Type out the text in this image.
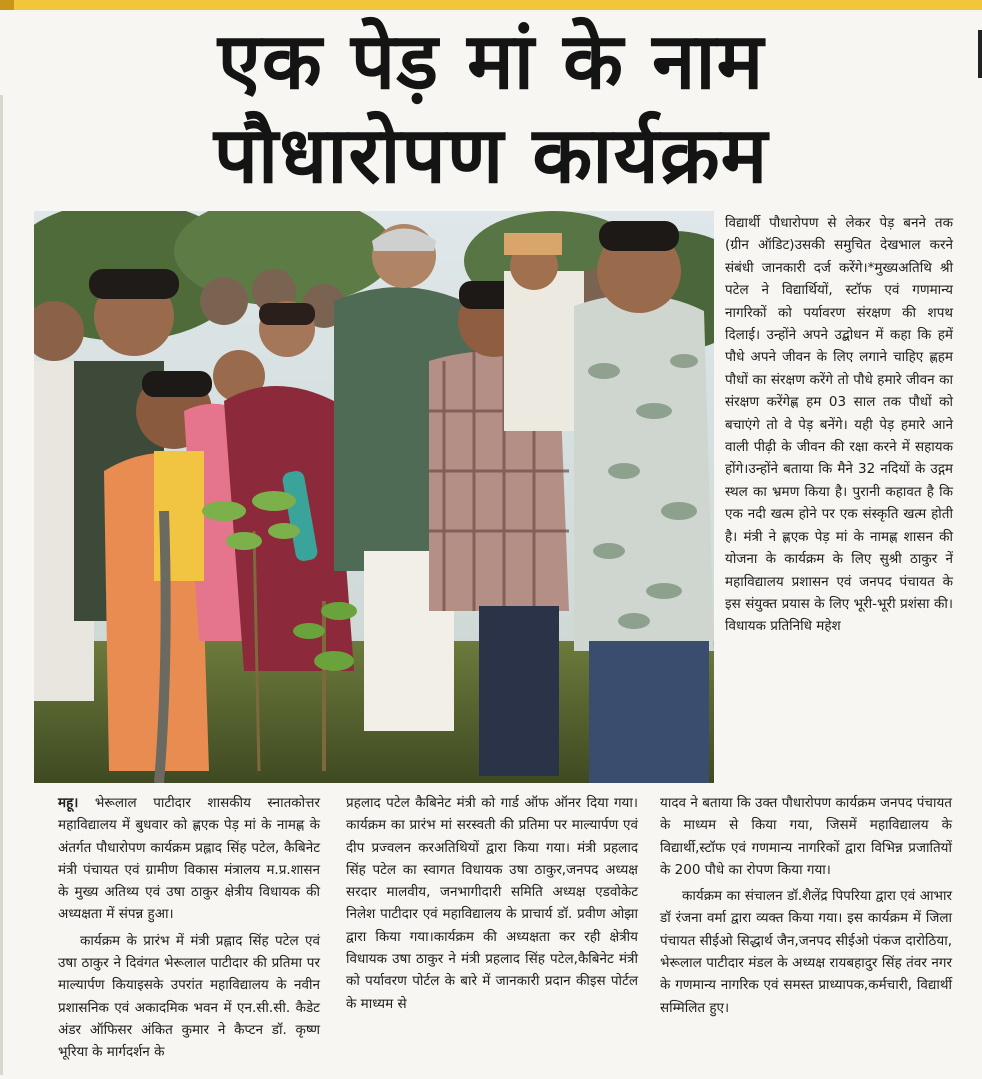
एक पेड़ मां के नाम
पौधारोपण कार्यक्रम

विद्यार्थी पौधारोपण से लेकर पेड़ बनने तक (ग्रीन ऑडिट)उसकी समुचित देखभाल करने संबंधी जानकारी दर्ज करेंगे।*मुख्यअतिथि श्री पटेल ने विद्यार्थियों, स्टॉफ एवं गणमान्य नागरिकों को पर्यावरण संरक्षण की शपथ दिलाई। उन्होंने अपने उद्बोधन में कहा कि हमें पौधे अपने जीवन के लिए लगाने चाहिए ह्णहम पौधों का संरक्षण करेंगे तो पौधे हमारे जीवन का संरक्षण करेंगेह्ण हम 03 साल तक पौधों को बचाएंगे तो वे पेड़ बनेंगे। यही पेड़ हमारे आने वाली पीढ़ी के जीवन की रक्षा करने में सहायक होंगे।उन्होंने बताया कि मैने 32 नदियों के उद्गम स्थल का भ्रमण किया है। पुरानी कहावत है कि एक नदी खत्म होने पर एक संस्कृति खत्म होती है। मंत्री ने ह्णएक पेड़ मां के नामह्ण शासन की योजना के कार्यक्रम के लिए सुश्री ठाकुर नें महाविद्यालय प्रशासन एवं जनपद पंचायत के इस संयुक्त प्रयास के लिए भूरी-भूरी प्रशंसा की। विधायक प्रतिनिधि महेश

महू। भेरूलाल पाटीदार शासकीय स्नातकोत्तर महाविद्यालय में बुधवार को ह्णएक पेड़ मां के नामह्ण के अंतर्गत पौधारोपण कार्यक्रम प्रह्लाद सिंह पटेल, कैबिनेट मंत्री पंचायत एवं ग्रामीण विकास मंत्रालय म.प्र.शासन के मुख्य अतिथ्य एवं उषा ठाकुर क्षेत्रीय विधायक की अध्यक्षता में संपन्न हुआ।

कार्यक्रम के प्रारंभ में मंत्री प्रह्लाद सिंह पटेल एवं उषा ठाकुर ने दिवंगत भेरूलाल पाटीदार की प्रतिमा पर माल्यार्पण कियाइसके उपरांत महाविद्यालय के नवीन प्रशासनिक एवं अकादमिक भवन में एन.सी.सी. कैडेट अंडर ऑफिसर अंकित कुमार ने कैप्टन डॉ. कृष्ण भूरिया के मार्गदर्शन के

प्रहलाद पटेल कैबिनेट मंत्री को गार्ड ऑफ ऑनर दिया गया। कार्यक्रम का प्रारंभ मां सरस्वती की प्रतिमा पर माल्यार्पण एवं दीप प्रज्वलन करअतिथियों द्वारा किया गया। मंत्री प्रहलाद सिंह पटेल का स्वागत विधायक उषा ठाकुर,जनपद अध्यक्ष सरदार मालवीय, जनभागीदारी समिति अध्यक्ष एडवोकेट निलेश पाटीदार एवं महाविद्यालय के प्राचार्य डॉ. प्रवीण ओझा द्वारा किया गया।कार्यक्रम की अध्यक्षता कर रही क्षेत्रीय विधायक उषा ठाकुर ने मंत्री प्रहलाद सिंह पटेल,कैबिनेट मंत्री को पर्यावरण पोर्टल के बारे में जानकारी प्रदान कीइस पोर्टल के माध्यम से

यादव ने बताया कि उक्त पौधारोपण कार्यक्रम जनपद पंचायत के माध्यम से किया गया, जिसमें महाविद्यालय के विद्यार्थी,स्टॉफ एवं गणमान्य नागरिकों द्वारा विभिन्न प्रजातियों के 200 पौधे का रोपण किया गया।

कार्यक्रम का संचालन डॉ.शैलेंद्र पिपरिया द्वारा एवं आभार डॉ रंजना वर्मा द्वारा व्यक्त किया गया। इस कार्यक्रम में जिला पंचायत सीईओ सिद्धार्थ जैन,जनपद सीईओ पंकज दारोठिया, भेरूलाल पाटीदार मंडल के अध्यक्ष रायबहादुर सिंह तंवर नगर के गणमान्य नागरिक एवं समस्त प्राध्यापक,कर्मचारी, विद्यार्थी सम्मिलित हुए।
